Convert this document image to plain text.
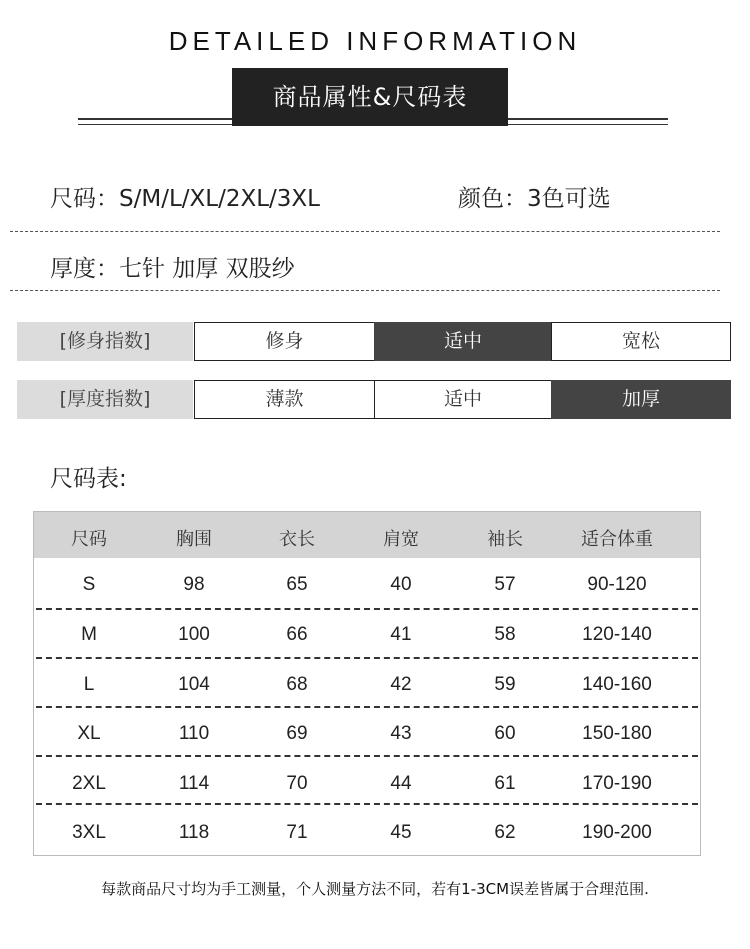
DETAILED INFORMATION
商品属性&尺码表
尺码：S/M/L/XL/2XL/3XL	颜色：3色可选
厚度：七针 加厚 双股纱
[修身指数]	修身	适中	宽松
[厚度指数]	薄款	适中	加厚
尺码表:
尺码	胸围	衣长	肩宽	袖长	适合体重
S	98	65	40	57	90-120
M	100	66	41	58	120-140
L	104	68	42	59	140-160
XL	110	69	43	60	150-180
2XL	114	70	44	61	170-190
3XL	118	71	45	62	190-200
每款商品尺寸均为手工测量，个人测量方法不同，若有1-3CM误差皆属于合理范围.
